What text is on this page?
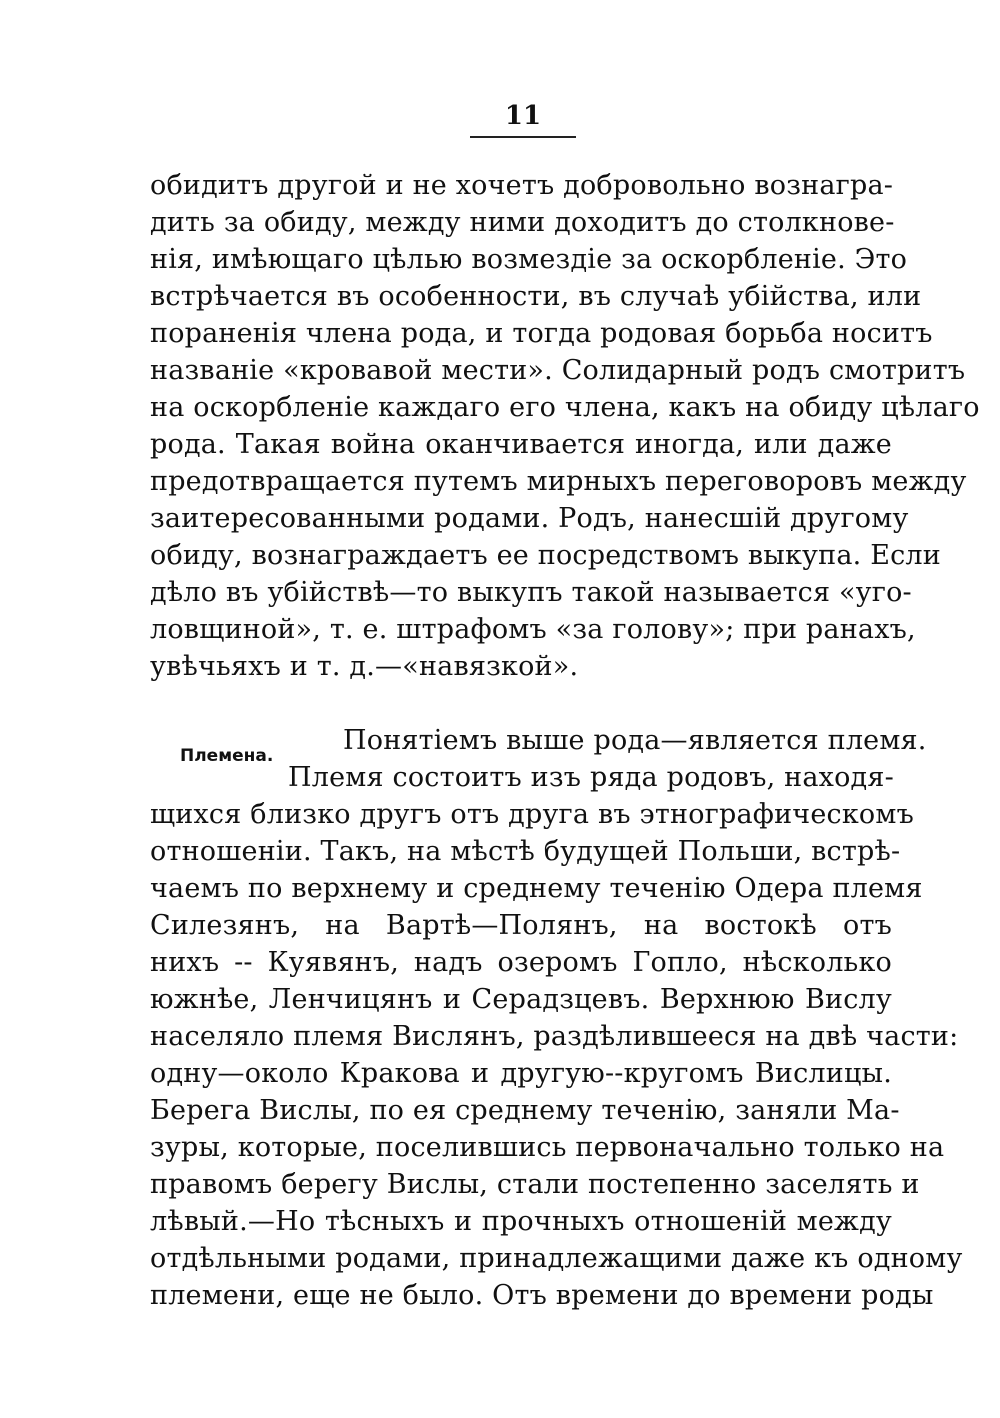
11
обидитъ другой и не хочетъ добровольно вознагра-
дить за обиду, между ними доходитъ до столкнове-
нія, имѣющаго цѣлью возмездіе за оскорбленіе. Это
встрѣчается въ особенности, въ случаѣ убійства, или
пораненія члена рода, и тогда родовая борьба носитъ
названіе «кровавой мести». Солидарный родъ смотритъ
на оскорбленіе каждаго его члена, какъ на обиду цѣлаго
рода. Такая война оканчивается иногда, или даже
предотвращается путемъ мирныхъ переговоровъ между
заитересованными родами. Родъ, нанесшій другому
обиду, вознаграждаетъ ее посредствомъ выкупа. Если
дѣло въ убійствѣ—то выкупъ такой называется «уго-
ловщиной», т. е. штрафомъ «за голову»; при ранахъ,
увѣчьяхъ и т. д.—«навязкой».
Племена.	Понятіемъ выше рода—является племя.
Племя состоитъ изъ ряда родовъ, находя-
щихся близко другъ отъ друга въ этнографическомъ
отношеніи. Такъ, на мѣстѣ будущей Польши, встрѣ-
чаемъ по верхнему и среднему теченію Одера племя
Силезянъ, на Вартѣ—Полянъ, на востокѣ отъ
нихъ -- Куявянъ, надъ озеромъ Гопло, нѣсколько
южнѣе, Ленчицянъ и Серадзцевъ. Верхнюю Вислу
населяло племя Вислянъ, раздѣлившееся на двѣ части:
одну—около Кракова и другую--кругомъ Вислицы.
Берега Вислы, по ея среднему теченію, заняли Ма-
зуры, которые, поселившись первоначально только на
правомъ берегу Вислы, стали постепенно заселять и
лѣвый.—Но тѣсныхъ и прочныхъ отношеній между
отдѣльными родами, принадлежащими даже къ одному
племени, еще не было. Отъ времени до времени роды
